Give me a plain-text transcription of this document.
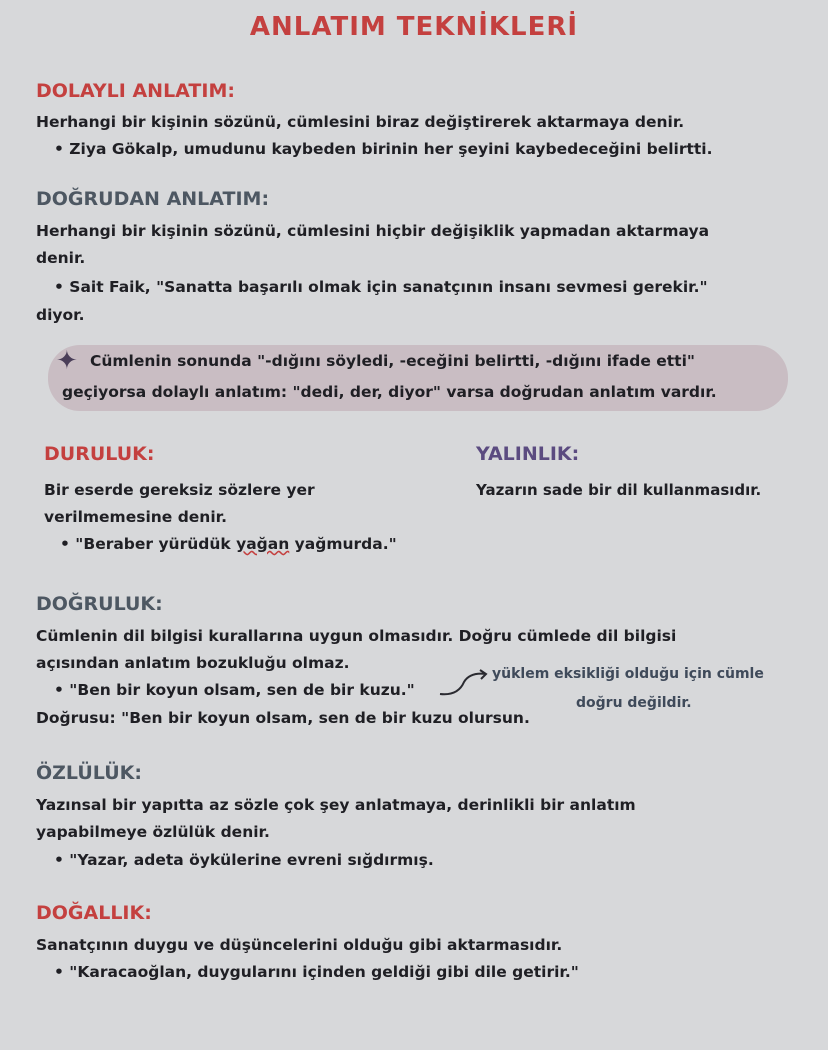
ANLATIM TEKNİKLERİ
DOLAYLI ANLATIM:
Herhangi bir kişinin sözünü, cümlesini biraz değiştirerek aktarmaya denir.
• Ziya Gökalp, umudunu kaybeden birinin her şeyini kaybedeceğini belirtti.
DOĞRUDAN ANLATIM:
Herhangi bir kişinin sözünü, cümlesini hiçbir değişiklik yapmadan aktarmaya
denir.
• Sait Faik, "Sanatta başarılı olmak için sanatçının insanı sevmesi gerekir."
diyor.
✦ Cümlenin sonunda "-dığını söyledi, -eceğini belirtti, -dığını ifade etti"
geçiyorsa dolaylı anlatım: "dedi, der, diyor" varsa doğrudan anlatım vardır.
DURULUK:
Bir eserde gereksiz sözlere yer
verilmemesine denir.
• "Beraber yürüdük yağan yağmurda."
YALINLIK:
Yazarın sade bir dil kullanmasıdır.
DOĞRULUK:
Cümlenin dil bilgisi kurallarına uygun olmasıdır. Doğru cümlede dil bilgisi
açısından anlatım bozukluğu olmaz.
• "Ben bir koyun olsam, sen de bir kuzu."
yüklem eksikliği olduğu için cümle
doğru değildir.
Doğrusu: "Ben bir koyun olsam, sen de bir kuzu olursun.
ÖZLÜLÜK:
Yazınsal bir yapıtta az sözle çok şey anlatmaya, derinlikli bir anlatım
yapabilmeye özlülük denir.
• "Yazar, adeta öykülerine evreni sığdırmış.
DOĞALLIK:
Sanatçının duygu ve düşüncelerini olduğu gibi aktarmasıdır.
• "Karacaoğlan, duygularını içinden geldiği gibi dile getirir."
